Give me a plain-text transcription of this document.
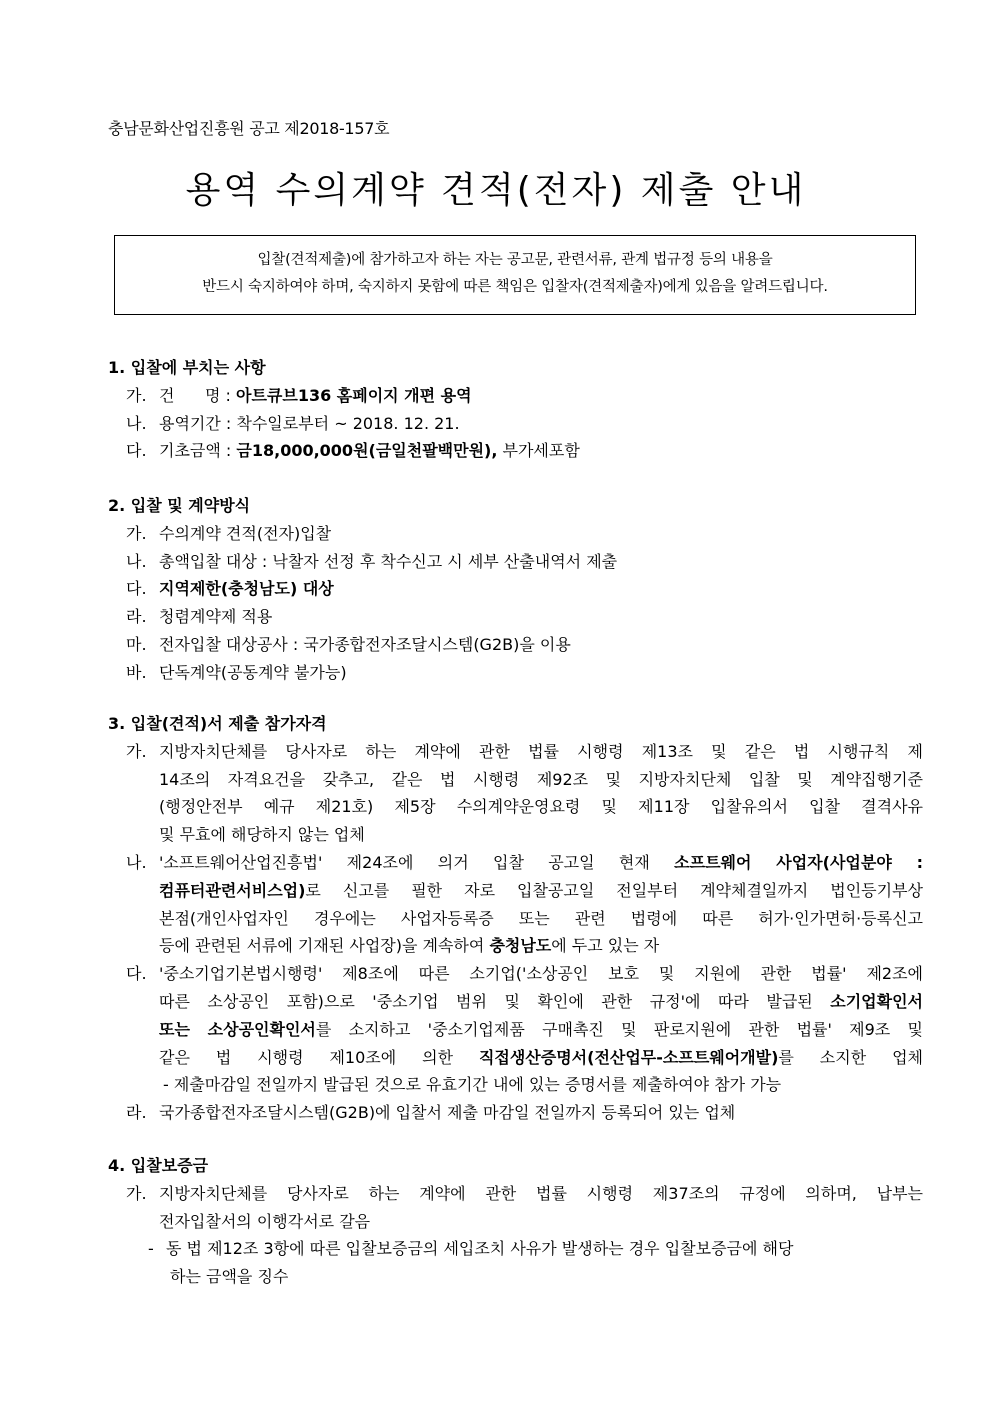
충남문화산업진흥원 공고 제2018-157호
용역 수의계약 견적(전자) 제출 안내
입찰(견적제출)에 참가하고자 하는 자는 공고문, 관련서류, 관계 법규정 등의 내용을
반드시 숙지하여야 하며, 숙지하지 못함에 따른 책임은 입찰자(견적제출자)에게 있음을 알려드립니다.
1. 입찰에 부치는 사항
가. 건      명 : 아트큐브136 홈페이지 개편 용역
나. 용역기간 : 착수일로부터 ~ 2018. 12. 21.
다. 기초금액 : 금18,000,000원(금일천팔백만원), 부가세포함
2. 입찰 및 계약방식
가. 수의계약 견적(전자)입찰
나. 총액입찰 대상 : 낙찰자 선정 후 착수신고 시 세부 산출내역서 제출
다. 지역제한(충청남도) 대상
라. 청렴계약제 적용
마. 전자입찰 대상공사 : 국가종합전자조달시스템(G2B)을 이용
바. 단독계약(공동계약 불가능)
3. 입찰(견적)서 제출 참가자격
가. 지방자치단체를 당사자로 하는 계약에 관한 법률 시행령 제13조 및 같은 법 시행규칙 제
14조의 자격요건을 갖추고, 같은 법 시행령 제92조 및 지방자치단체 입찰 및 계약집행기준
(행정안전부 예규 제21호) 제5장 수의계약운영요령 및 제11장 입찰유의서 입찰 결격사유
및 무효에 해당하지 않는 업체
나. '소프트웨어산업진흥법' 제24조에 의거 입찰 공고일 현재 소프트웨어 사업자(사업분야 :
컴퓨터관련서비스업)로 신고를 필한 자로 입찰공고일 전일부터 계약체결일까지 법인등기부상
본점(개인사업자인 경우에는 사업자등록증 또는 관련 법령에 따른 허가·인가면허·등록신고
등에 관련된 서류에 기재된 사업장)을 계속하여 충청남도에 두고 있는 자
다. '중소기업기본법시행령' 제8조에 따른 소기업('소상공인 보호 및 지원에 관한 법률' 제2조에
따른 소상공인 포함)으로 '중소기업 범위 및 확인에 관한 규정'에 따라 발급된 소기업확인서
또는 소상공인확인서를 소지하고 '중소기업제품 구매촉진 및 판로지원에 관한 법률' 제9조 및
같은 법 시행령 제10조에 의한 직접생산증명서(전산업무-소프트웨어개발)를 소지한 업체
- 제출마감일 전일까지 발급된 것으로 유효기간 내에 있는 증명서를 제출하여야 참가 가능
라. 국가종합전자조달시스템(G2B)에 입찰서 제출 마감일 전일까지 등록되어 있는 업체
4. 입찰보증금
가. 지방자치단체를 당사자로 하는 계약에 관한 법률 시행령 제37조의 규정에 의하며, 납부는
전자입찰서의 이행각서로 갈음
- 동 법 제12조 3항에 따른 입찰보증금의 세입조치 사유가 발생하는 경우 입찰보증금에 해당
하는 금액을 징수
